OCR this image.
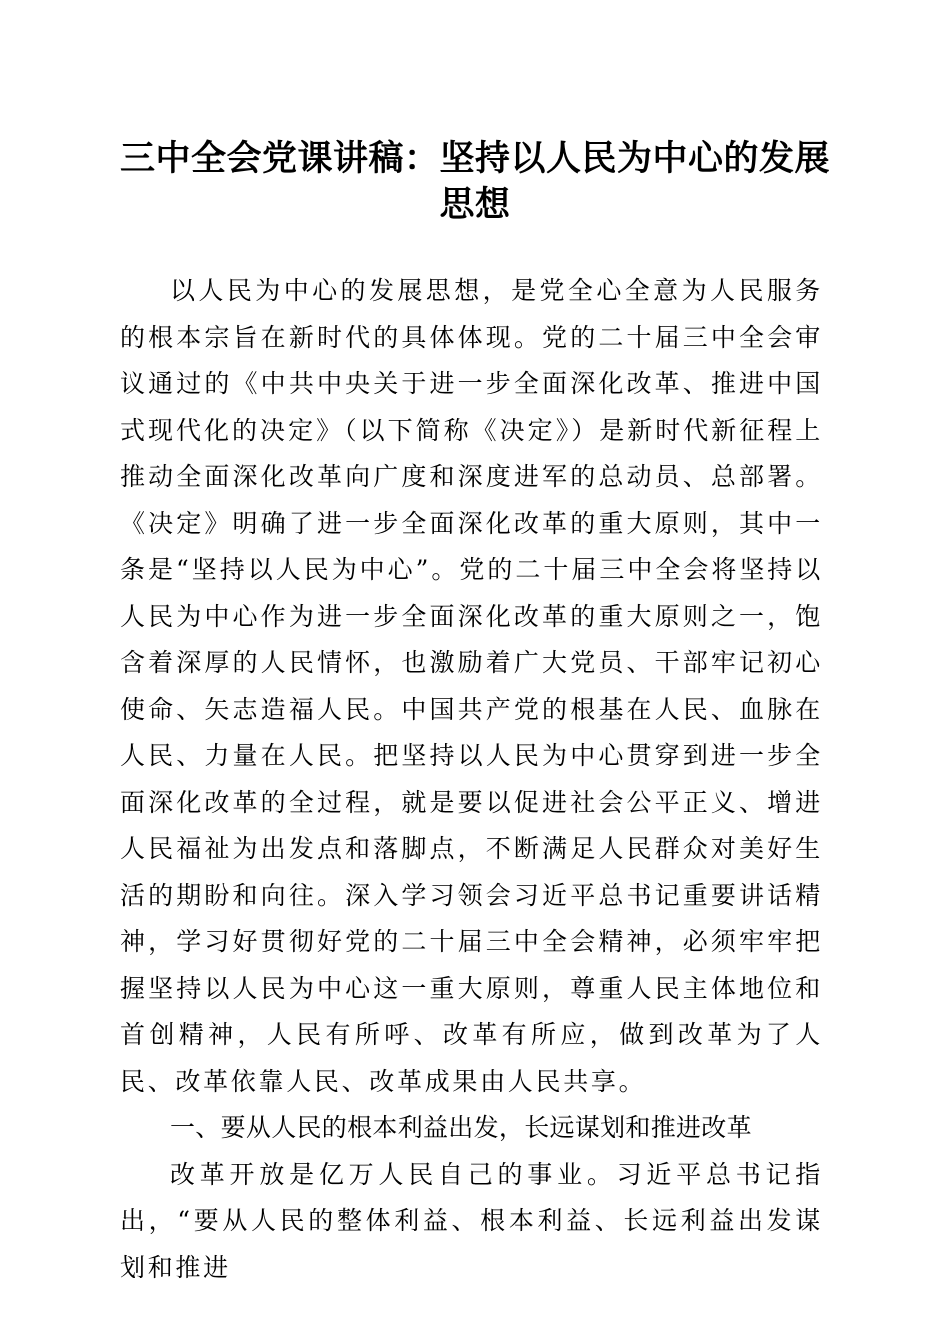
三中全会党课讲稿：坚持以人民为中心的发展思想

以人民为中心的发展思想，是党全心全意为人民服务的根本宗旨在新时代的具体体现。党的二十届三中全会审议通过的《中共中央关于进一步全面深化改革、推进中国式现代化的决定》（以下简称《决定》）是新时代新征程上推动全面深化改革向广度和深度进军的总动员、总部署。《决定》明确了进一步全面深化改革的重大原则，其中一条是“坚持以人民为中心”。党的二十届三中全会将坚持以人民为中心作为进一步全面深化改革的重大原则之一，饱含着深厚的人民情怀，也激励着广大党员、干部牢记初心使命、矢志造福人民。中国共产党的根基在人民、血脉在人民、力量在人民。把坚持以人民为中心贯穿到进一步全面深化改革的全过程，就是要以促进社会公平正义、增进人民福祉为出发点和落脚点，不断满足人民群众对美好生活的期盼和向往。深入学习领会习近平总书记重要讲话精神，学习好贯彻好党的二十届三中全会精神，必须牢牢把握坚持以人民为中心这一重大原则，尊重人民主体地位和首创精神，人民有所呼、改革有所应，做到改革为了人民、改革依靠人民、改革成果由人民共享。

一、要从人民的根本利益出发，长远谋划和推进改革

改革开放是亿万人民自己的事业。习近平总书记指出，“要从人民的整体利益、根本利益、长远利益出发谋划和推进
